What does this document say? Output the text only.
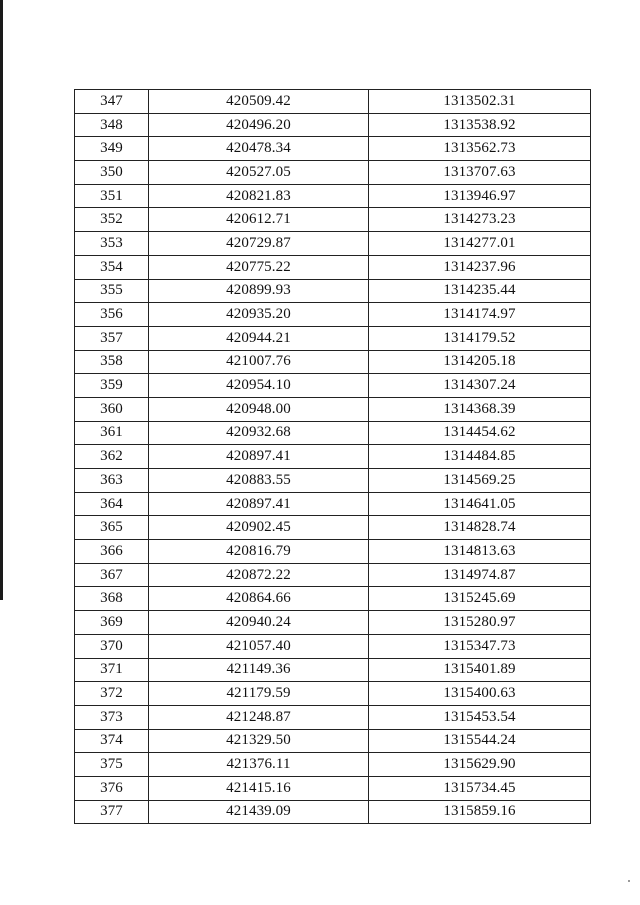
347	420509.42	1313502.31
348	420496.20	1313538.92
349	420478.34	1313562.73
350	420527.05	1313707.63
351	420821.83	1313946.97
352	420612.71	1314273.23
353	420729.87	1314277.01
354	420775.22	1314237.96
355	420899.93	1314235.44
356	420935.20	1314174.97
357	420944.21	1314179.52
358	421007.76	1314205.18
359	420954.10	1314307.24
360	420948.00	1314368.39
361	420932.68	1314454.62
362	420897.41	1314484.85
363	420883.55	1314569.25
364	420897.41	1314641.05
365	420902.45	1314828.74
366	420816.79	1314813.63
367	420872.22	1314974.87
368	420864.66	1315245.69
369	420940.24	1315280.97
370	421057.40	1315347.73
371	421149.36	1315401.89
372	421179.59	1315400.63
373	421248.87	1315453.54
374	421329.50	1315544.24
375	421376.11	1315629.90
376	421415.16	1315734.45
377	421439.09	1315859.16
